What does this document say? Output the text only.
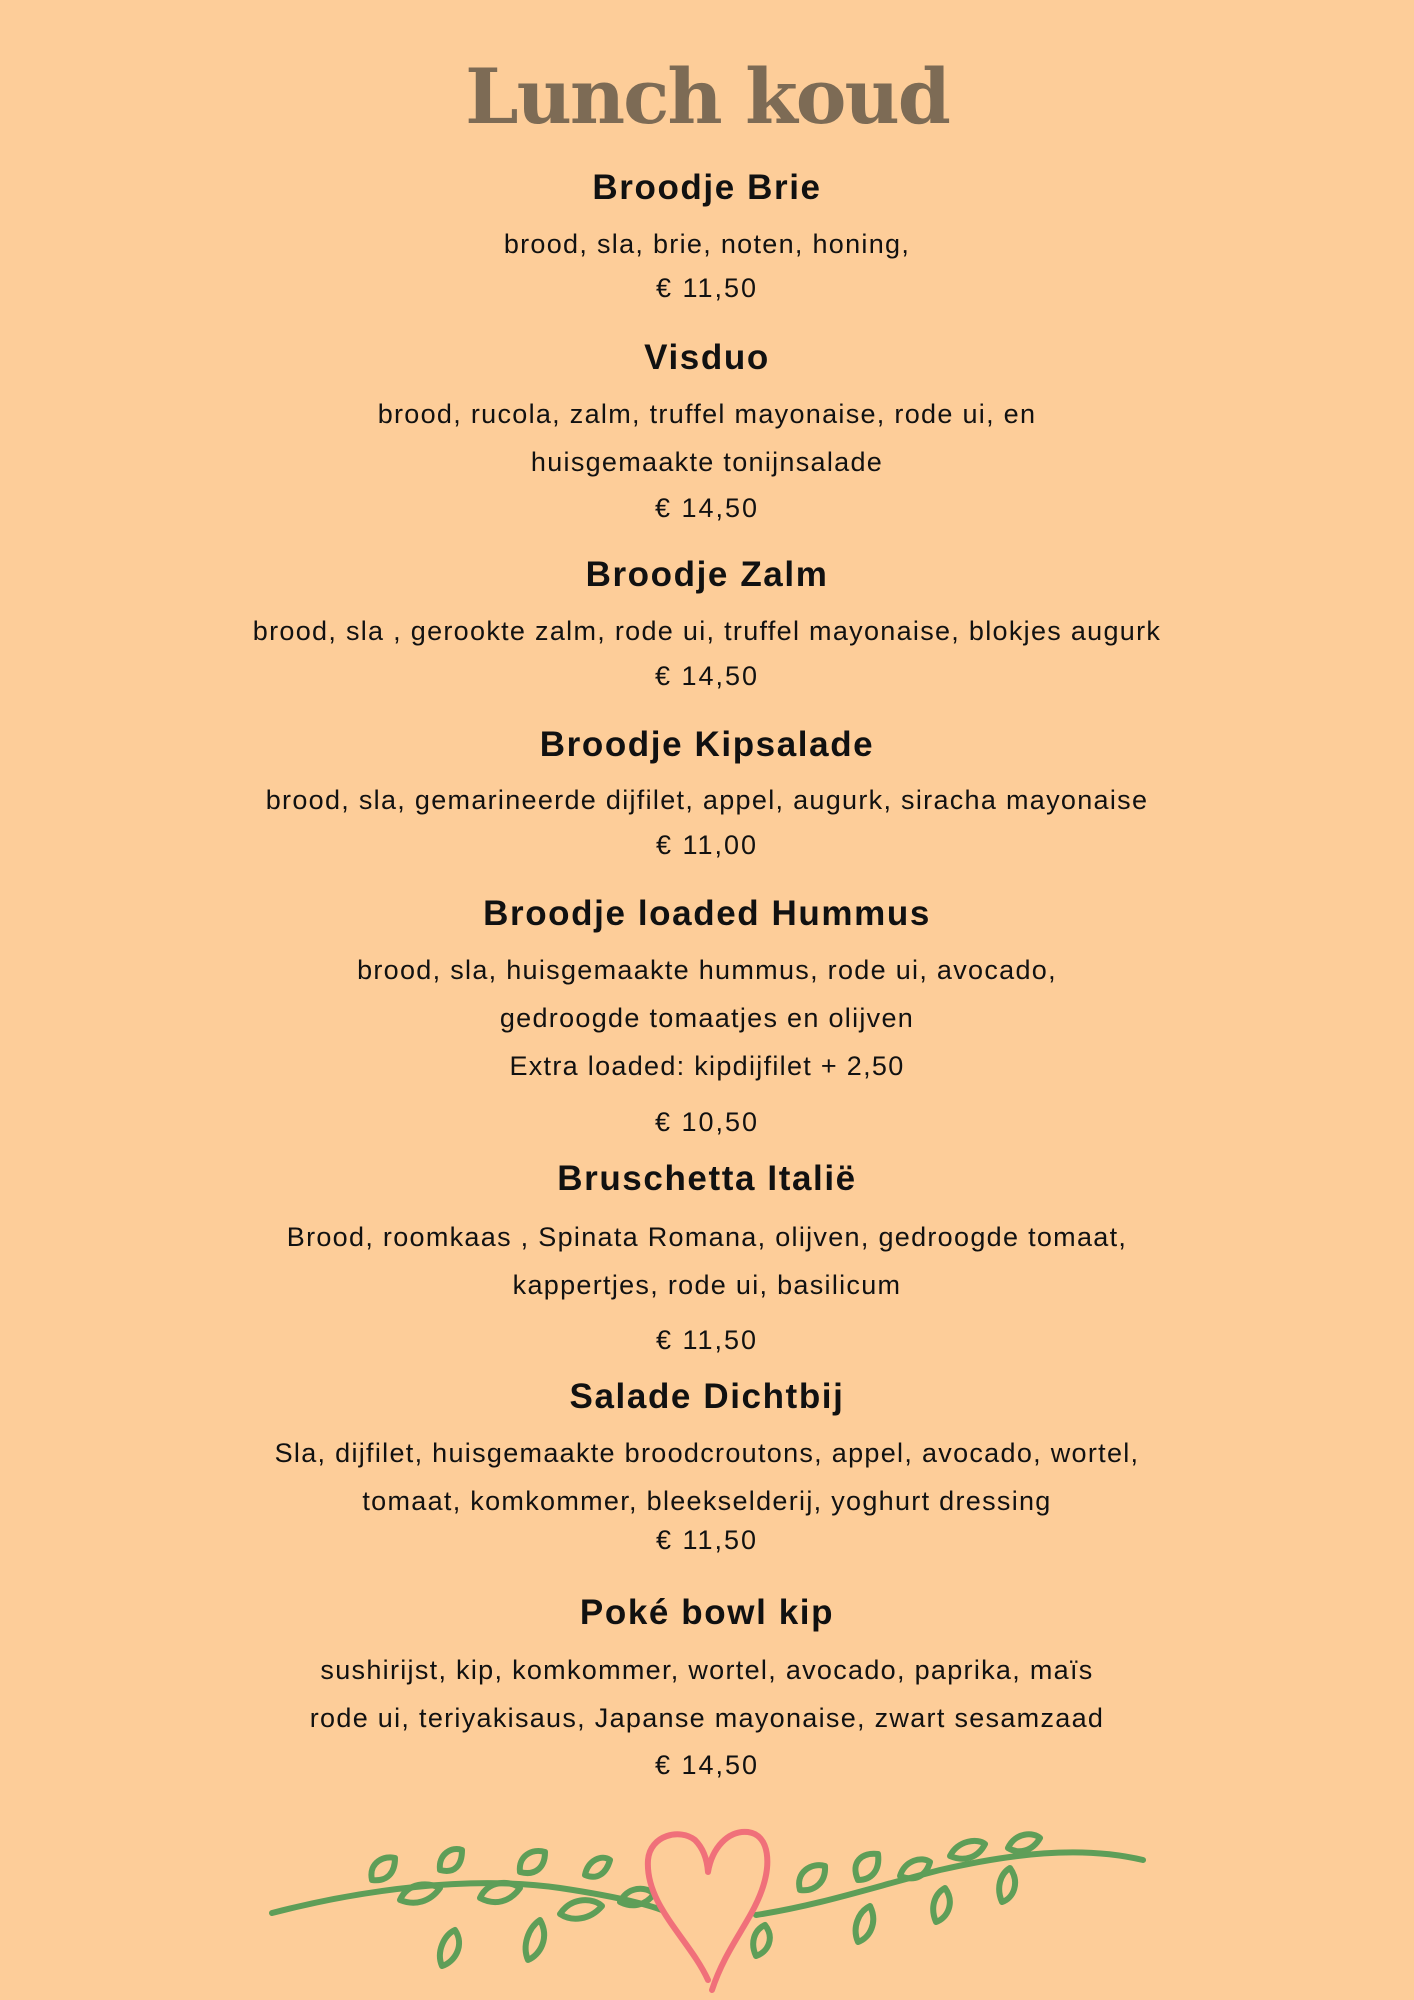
Lunch koud
Broodje Brie
brood, sla, brie, noten, honing,
€ 11,50
Visduo
brood, rucola, zalm, truffel mayonaise, rode ui, en
huisgemaakte tonijnsalade
€ 14,50
Broodje Zalm
brood, sla , gerookte zalm, rode ui, truffel mayonaise, blokjes augurk
€ 14,50
Broodje Kipsalade
brood, sla, gemarineerde dijfilet, appel, augurk, siracha mayonaise
€ 11,00
Broodje loaded Hummus
brood, sla, huisgemaakte hummus, rode ui, avocado,
gedroogde tomaatjes en olijven
Extra loaded: kipdijfilet + 2,50
€ 10,50
Bruschetta Italië
Brood, roomkaas , Spinata Romana, olijven, gedroogde tomaat,
kappertjes, rode ui, basilicum
€ 11,50
Salade Dichtbij
Sla, dijfilet, huisgemaakte broodcroutons, appel, avocado, wortel,
tomaat, komkommer, bleekselderij, yoghurt dressing
€ 11,50
Poké bowl kip
sushirijst, kip, komkommer, wortel, avocado, paprika, maïs
rode ui, teriyakisaus, Japanse mayonaise, zwart sesamzaad
€ 14,50
